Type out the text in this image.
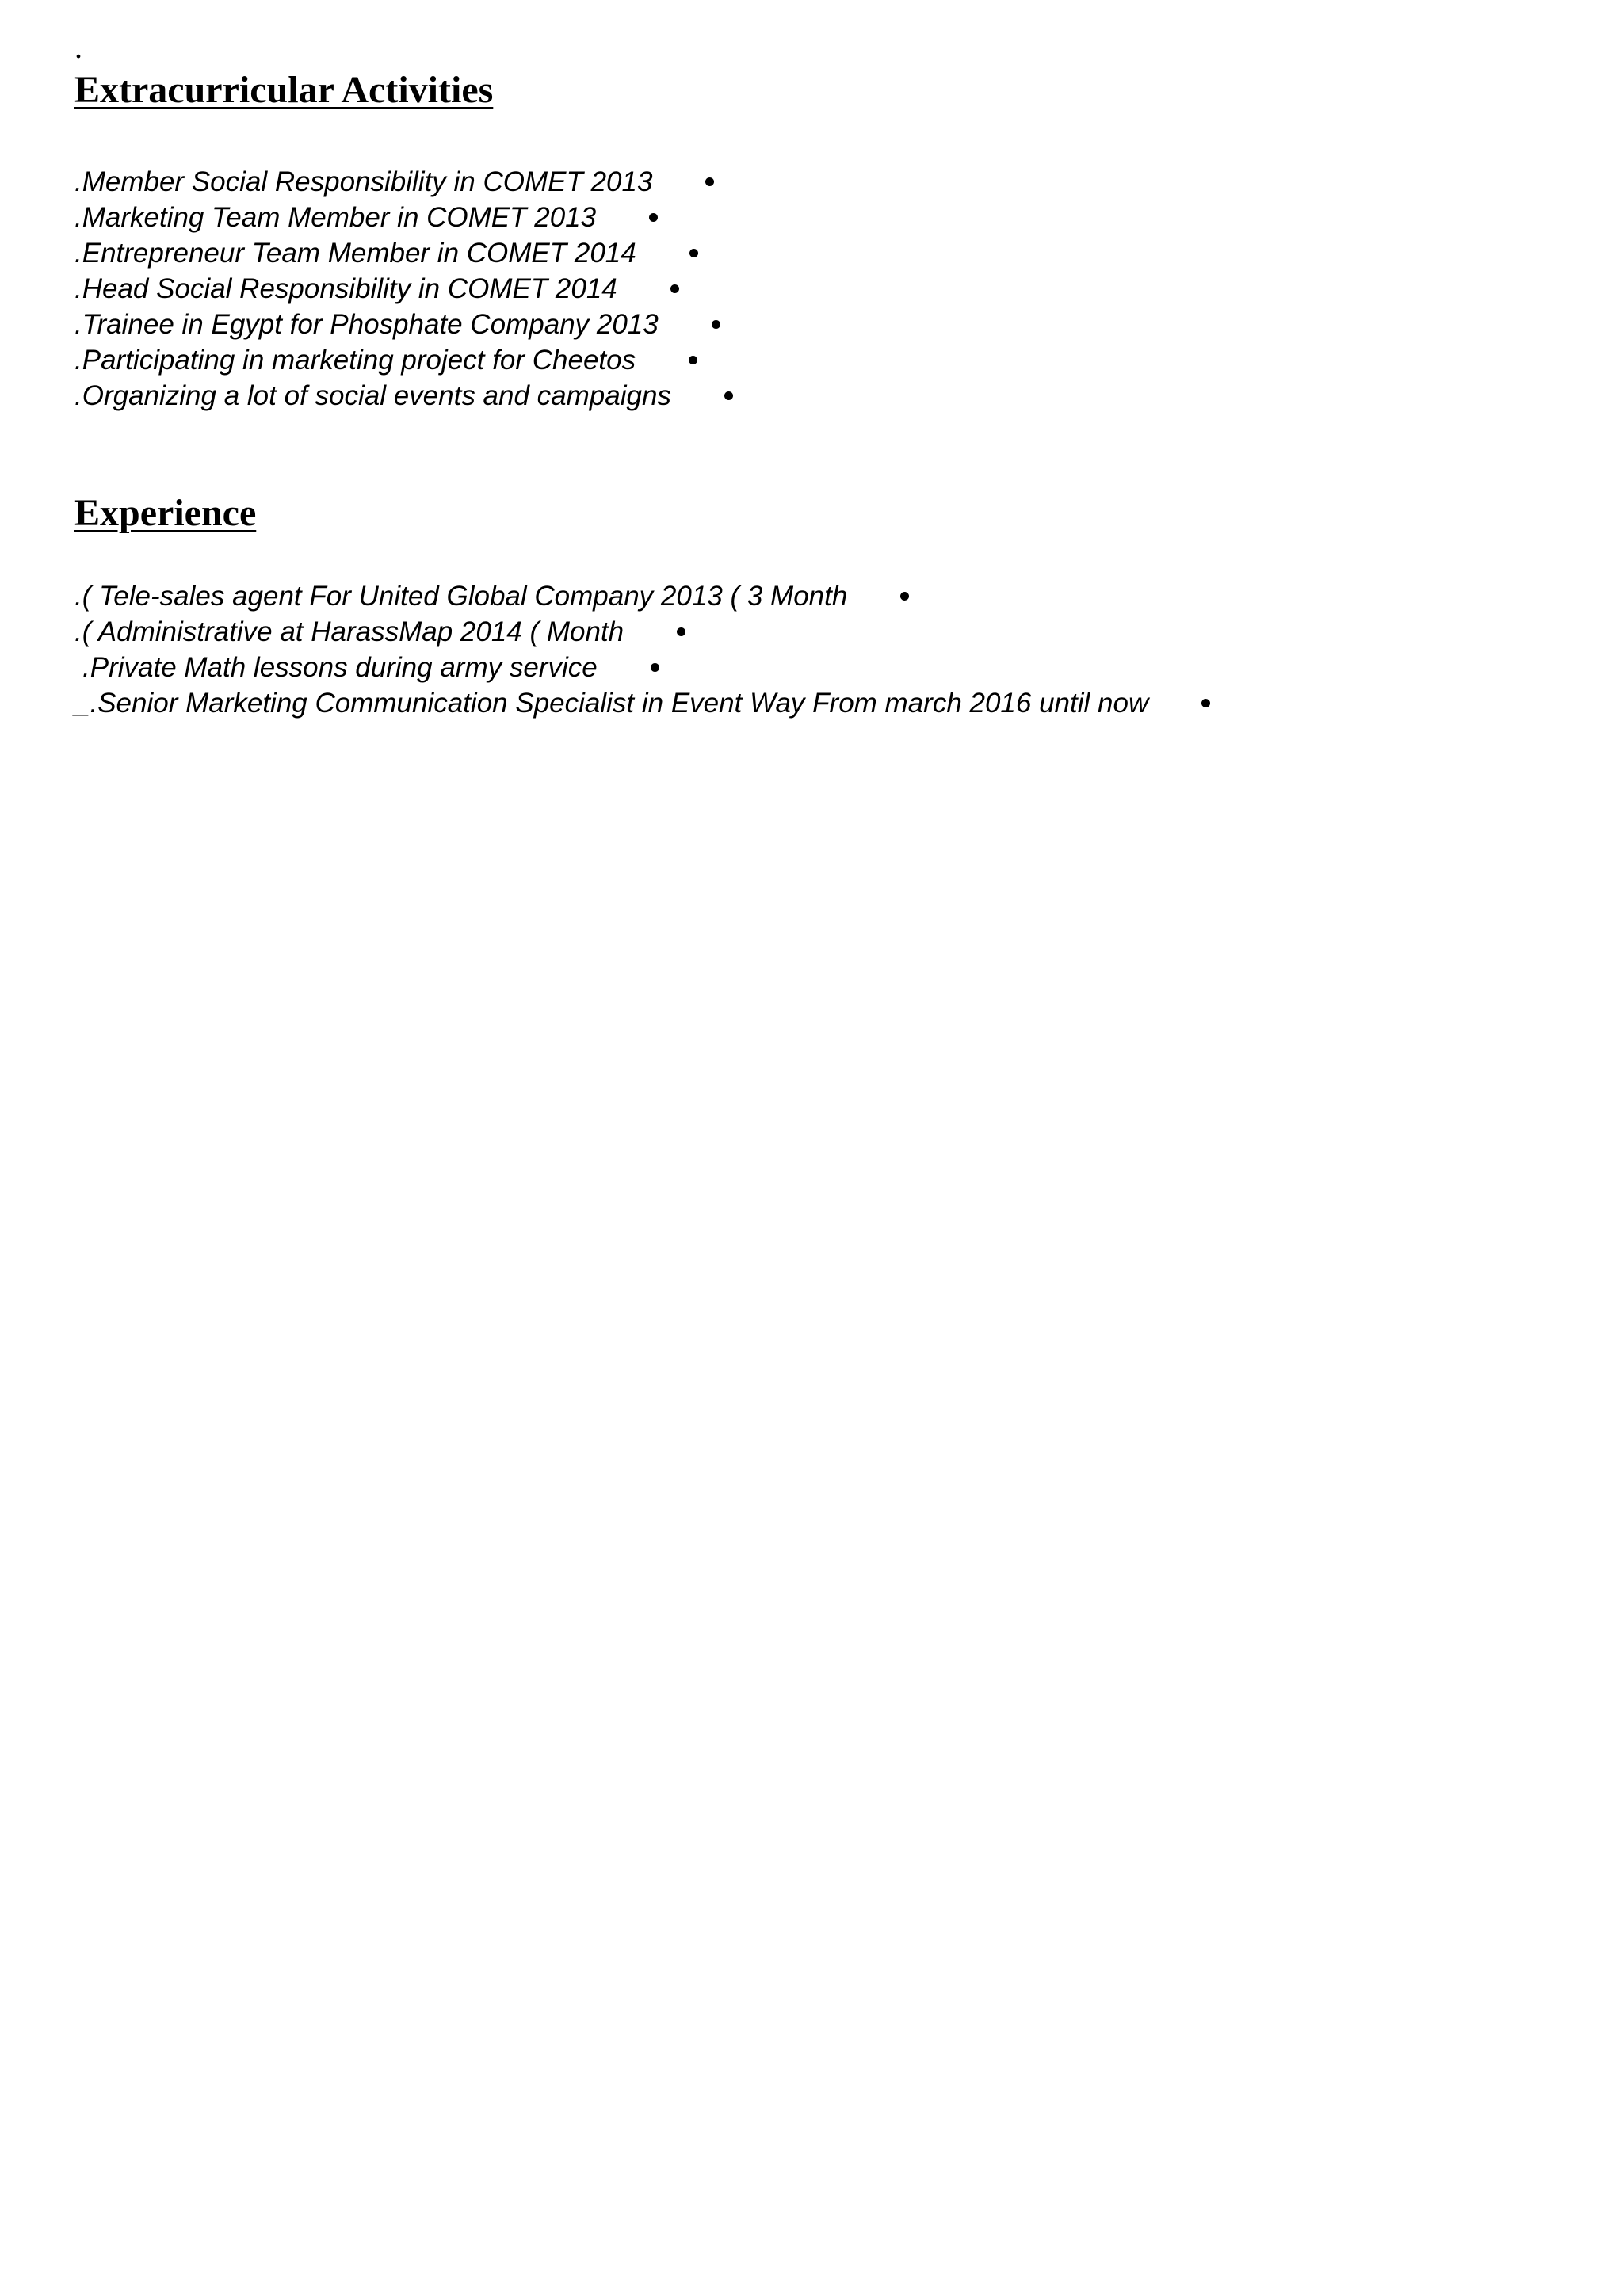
.
Extracurricular Activities
.Member Social Responsibility in COMET 2013
.Marketing Team Member in COMET 2013
.Entrepreneur Team Member in COMET 2014
.Head Social Responsibility in COMET 2014
.Trainee in Egypt for Phosphate Company 2013
.Participating in marketing project for Cheetos
.Organizing a lot of social events and campaigns
Experience
.( Tele-sales agent For United Global Company 2013 ( 3 Month
.( Administrative at HarassMap 2014 ( Month
.Private Math lessons during army service
_.Senior Marketing Communication Specialist in Event Way From march 2016 until now
